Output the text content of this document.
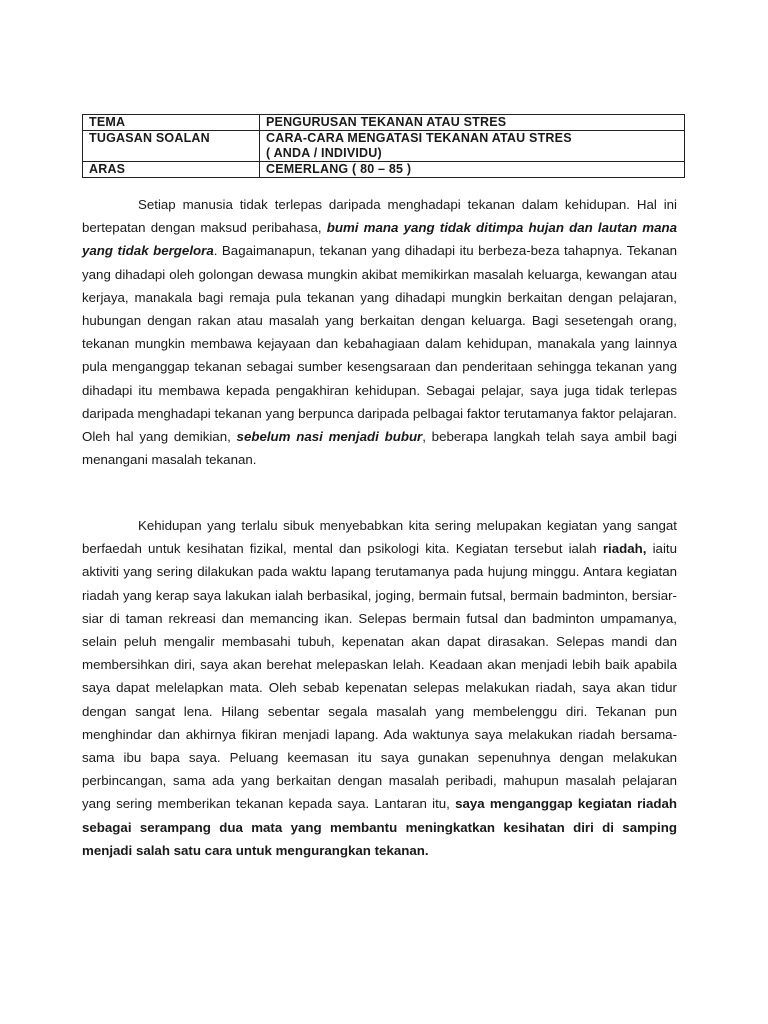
TEMA	PENGURUSAN TEKANAN ATAU STRES
TUGASAN SOALAN	CARA-CARA MENGATASI TEKANAN ATAU STRES
( ANDA / INDIVIDU)

ARAS	CEMERLANG ( 80 – 85 )

Setiap manusia tidak terlepas daripada menghadapi tekanan dalam kehidupan. Hal ini bertepatan dengan maksud peribahasa, bumi mana yang tidak ditimpa hujan dan lautan mana yang tidak bergelora. Bagaimanapun, tekanan yang dihadapi itu berbeza-beza tahapnya. Tekanan yang dihadapi oleh golongan dewasa mungkin akibat memikirkan masalah keluarga, kewangan atau kerjaya, manakala bagi remaja pula tekanan yang dihadapi mungkin berkaitan dengan pelajaran, hubungan dengan rakan atau masalah yang berkaitan dengan keluarga. Bagi sesetengah orang, tekanan mungkin membawa kejayaan dan kebahagiaan dalam kehidupan, manakala yang lainnya pula menganggap tekanan sebagai sumber kesengsaraan dan penderitaan sehingga tekanan yang dihadapi itu membawa kepada pengakhiran kehidupan. Sebagai pelajar, saya juga tidak terlepas daripada menghadapi tekanan yang berpunca daripada pelbagai faktor terutamanya faktor pelajaran. Oleh hal yang demikian, sebelum nasi menjadi bubur, beberapa langkah telah saya ambil bagi menangani masalah tekanan.

Kehidupan yang terlalu sibuk menyebabkan kita sering melupakan kegiatan yang sangat berfaedah untuk kesihatan fizikal, mental dan psikologi kita. Kegiatan tersebut ialah riadah, iaitu aktiviti yang sering dilakukan pada waktu lapang terutamanya pada hujung minggu. Antara kegiatan riadah yang kerap saya lakukan ialah berbasikal, joging, bermain futsal, bermain badminton, bersiar-siar di taman rekreasi dan memancing ikan. Selepas bermain futsal dan badminton umpamanya, selain peluh mengalir membasahi tubuh, kepenatan akan dapat dirasakan. Selepas mandi dan membersihkan diri, saya akan berehat melepaskan lelah. Keadaan akan menjadi lebih baik apabila saya dapat melelapkan mata. Oleh sebab kepenatan selepas melakukan riadah, saya akan tidur dengan sangat lena. Hilang sebentar segala masalah yang membelenggu diri. Tekanan pun menghindar dan akhirnya fikiran menjadi lapang. Ada waktunya saya melakukan riadah bersama-sama ibu bapa saya. Peluang keemasan itu saya gunakan sepenuhnya dengan melakukan perbincangan, sama ada yang berkaitan dengan masalah peribadi, mahupun masalah pelajaran yang sering memberikan tekanan kepada saya. Lantaran itu, saya menganggap kegiatan riadah sebagai serampang dua mata yang membantu meningkatkan kesihatan diri di samping menjadi salah satu cara untuk mengurangkan tekanan.
